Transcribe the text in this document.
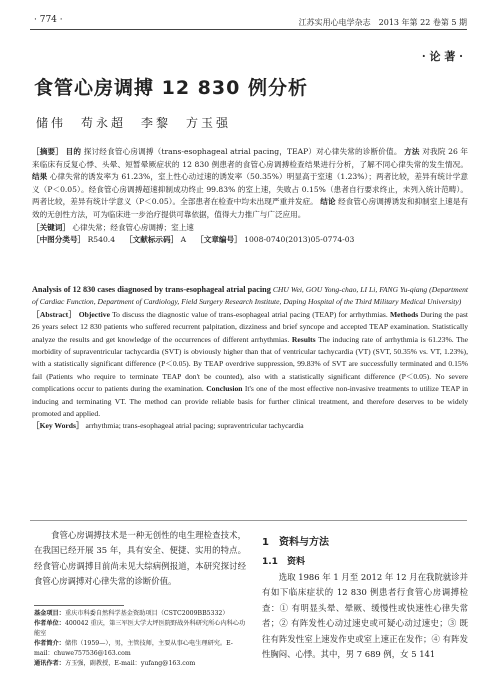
· 774 ·	江苏实用心电学杂志　2013 年第 22 卷第 5 期
· 论 著 ·
食管心房调搏 12 830 例分析
储伟　苟永超　李黎　方玉强

［摘要］ 目的 探讨经食管心房调搏（trans-esophageal atrial pacing，TEAP）对心律失常的诊断价值。 方法 对我院 26 年来临床有反复心悸、头晕、短暂晕厥症状的 12 830 例患者的食管心房调搏检查结果进行分析，了解不同心律失常的发生情况。 结果 心律失常的诱发率为 61.23%，室上性心动过速的诱发率（50.35%）明显高于室速（1.23%）；两者比较，差异有统计学意义（P＜0.05）。经食管心房调搏超速抑制成功终止 99.83% 的室上速，失败占 0.15%（患者自行要求终止，未列入统计范畴）。两者比较，差异有统计学意义（P＜0.05）。全部患者在检查中均未出现严重并发症。 结论 经食管心房调搏诱发和抑制室上速是有效的无创性方法，可为临床进一步治疗提供可靠依据，值得大力推广与广泛应用。

［关键词］ 心律失常；经食管心房调搏；室上速

［中图分类号］ R540.4　 ［文献标示码］ A　 ［文章编号］ 1008-0740(2013)05-0774-03

Analysis of 12 830 cases diagnosed by trans-esophageal atrial pacing CHU Wei, GOU Yong-chao, LI Li, FANG Yu-qiang (Department of Cardiac Function, Department of Cardiology, Field Surgery Research Institute, Daping Hospital of the Third Military Medical University)

［Abstract］ Objective To discuss the diagnostic value of trans-esophageal atrial pacing (TEAP) for arrhythmias. Methods During the past 26 years select 12 830 patients who suffered recurrent palpitation, dizziness and brief syncope and accepted TEAP examination. Statistically analyze the results and get knowledge of the occurrences of different arrhythmias. Results The inducing rate of arrhythmia is 61.23%. The morbidity of supraventricular tachycardia (SVT) is obviously higher than that of ventricular tachycardia (VT) (SVT, 50.35% vs. VT, 1.23%), with a statistically significant difference (P＜0.05). By TEAP overdrive suppression, 99.83% of SVT are successfully terminated and 0.15% fail (Patients who require to terminate TEAP don't be counted), also with a statistically significant difference (P＜0.05). No severe complications occur to patients during the examination. Conclusion It's one of the most effective non-invasive treatments to utilize TEAP in inducing and terminating VT. The method can provide reliable basis for further clinical treatment, and therefore deserves to be widely promoted and applied.

［Key Words］ arrhythmia; trans-esophageal atrial pacing; supraventricular tachycardia

　　食管心房调搏技术是一种无创性的电生理检查技术，在我国已经开展 35 年，具有安全、便捷、实用的特点。经食管心房调搏目前尚未见大综病例报道，本研究探讨经食管心房调搏对心律失常的诊断价值。

基金项目：重庆市科委自然科学基金资助项目（CSTC2009BB5332）
作者单位：400042 重庆，第三军医大学大坪医院野战外科研究所心内科心功能室
作者简介：储伟（1959—），男，主管技师，主要从事心电生理研究。E-mail：chuwe757536@163.com
通讯作者：方玉强，副教授，E-mail：yufang@163.com
1　资料与方法
1.1　资料

　　选取 1986 年 1 月至 2012 年 12 月在我院就诊并有如下临床症状的 12 830 例患者行食管心房调搏检查：① 有明显头晕、晕厥、缓慢性或快速性心律失常者；② 有阵发性心动过速史或可疑心动过速史；③ 既往有阵发性室上速发作史或室上速正在发作；④ 有阵发性胸闷、心悸。其中，男 7 689 例，女 5 141
